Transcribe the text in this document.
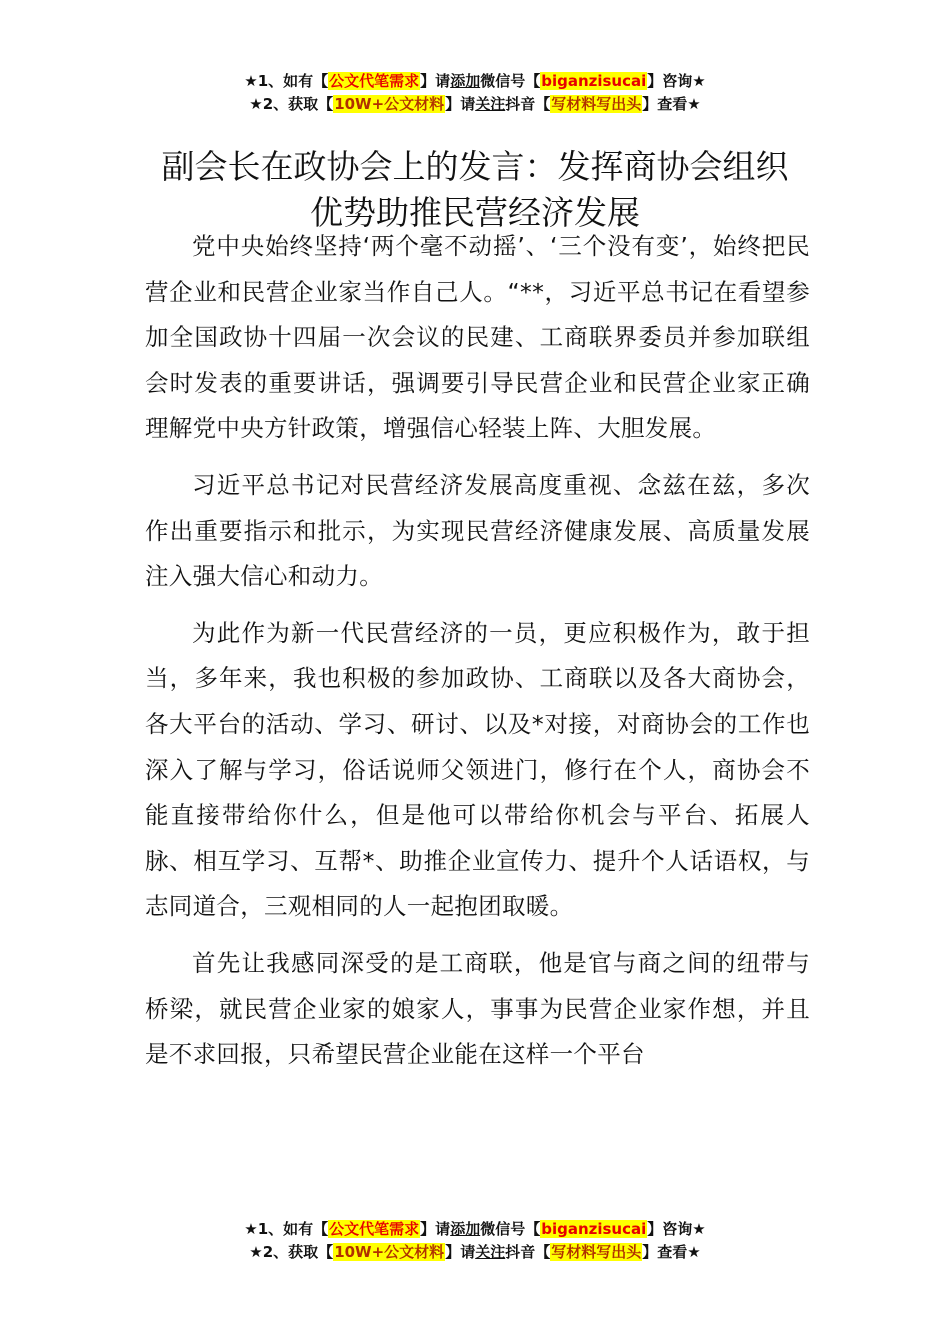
★1、如有【公文代笔需求】请添加微信号【biganzisucai】咨询★
★2、获取【10W+公文材料】请关注抖音【写材料写出头】查看★
副会长在政协会上的发言：发挥商协会组织
优势助推民营经济发展

党中央始终坚持‘两个毫不动摇’、‘三个没有变’，始终把民营企业和民营企业家当作自己人。“**，习近平总书记在看望参加全国政协十四届一次会议的民建、工商联界委员并参加联组会时发表的重要讲话，强调要引导民营企业和民营企业家正确理解党中央方针政策，增强信心轻装上阵、大胆发展。

习近平总书记对民营经济发展高度重视、念兹在兹，多次作出重要指示和批示，为实现民营经济健康发展、高质量发展注入强大信心和动力。

为此作为新一代民营经济的一员，更应积极作为，敢于担当，多年来，我也积极的参加政协、工商联以及各大商协会，各大平台的活动、学习、研讨、以及*对接，对商协会的工作也深入了解与学习，俗话说师父领进门，修行在个人，商协会不能直接带给你什么，但是他可以带给你机会与平台、拓展人脉、相互学习、互帮*、助推企业宣传力、提升个人话语权，与志同道合，三观相同的人一起抱团取暖。

首先让我感同深受的是工商联，他是官与商之间的纽带与桥梁，就民营企业家的娘家人，事事为民营企业家作想，并且是不求回报，只希望民营企业能在这样一个平台

★1、如有【公文代笔需求】请添加微信号【biganzisucai】咨询★
★2、获取【10W+公文材料】请关注抖音【写材料写出头】查看★
